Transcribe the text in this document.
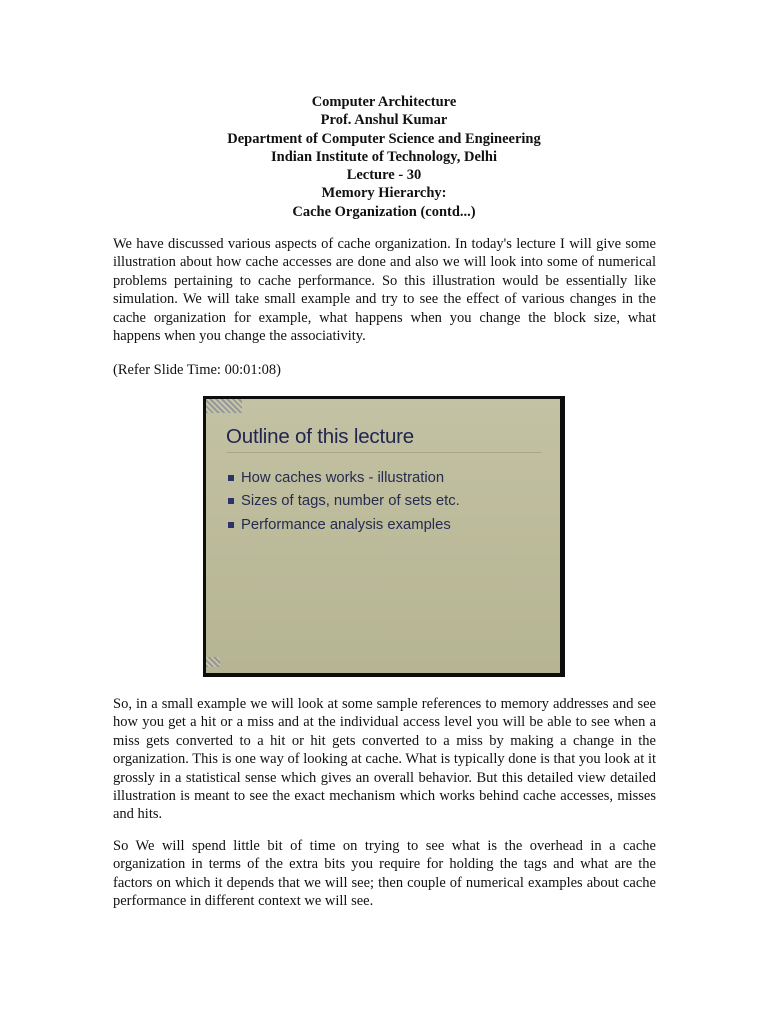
Computer Architecture
Prof. Anshul Kumar
Department of Computer Science and Engineering
Indian Institute of Technology, Delhi
Lecture - 30
Memory Hierarchy:
Cache Organization (contd...)

We have discussed various aspects of cache organization. In today's lecture I will give some illustration about how cache accesses are done and also we will look into some of numerical problems pertaining to cache performance. So this illustration would be essentially like simulation. We will take small example and try to see the effect of various changes in the cache organization for example, what happens when you change the block size, what happens when you change the associativity.

(Refer Slide Time: 00:01:08)

Outline of this lecture
How caches works - illustration
Sizes of tags, number of sets etc.
Performance analysis examples

So, in a small example we will look at some sample references to memory addresses and see how you get a hit or a miss and at the individual access level you will be able to see when a miss gets converted to a hit or hit gets converted to a miss by making a change in the organization. This is one way of looking at cache. What is typically done is that you look at it grossly in a statistical sense which gives an overall behavior. But this detailed view detailed illustration is meant to see the exact mechanism which works behind cache accesses, misses and hits.

So We will spend little bit of time on trying to see what is the overhead in a cache organization in terms of the extra bits you require for holding the tags and what are the factors on which it depends that we will see; then couple of numerical examples about cache performance in different context we will see.
